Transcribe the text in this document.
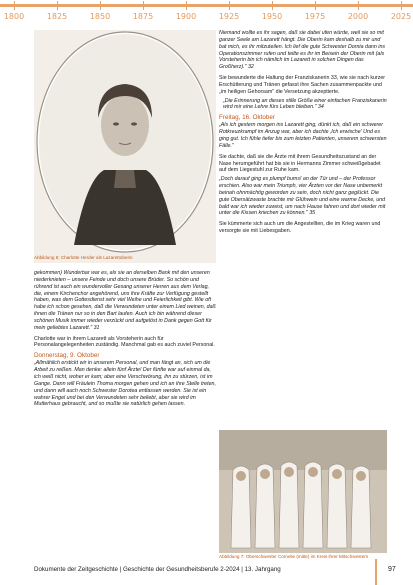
1800	1825	1850	1875	1900	1925	1950	1975	2000	2025
Abbildung 6: Charlotte Herder als Lazarettoberin

gekommen) Wunderbar war es, als sie an derselben Bank mit den unseren niederknieten – unsere Feinde und doch unsere Brüder. So schön und rührend ist auch ein wundervoller Gesang unserer Herren aus dem Verlag, die, einem Kirchenchor angehörend, uns ihre Kräfte zur Verfügung gestellt haben, was dem Gottesdienst sehr viel Weihe und Feierlichkeit gibt. Wie oft habe ich schon gesehen, daß die Verwundeten unter einem Lied weinen, daß ihnen die Tränen nur so in den Bart laufen. Auch ich bin während dieser schönen Musik immer wieder verzückt und aufgelöst in Dank gegen Gott für mein geliebtes Lazarett." 31

Charlotte war in ihrem Lazarett als Vorsteherin auch für Personalangelegenheiten zuständig. Manchmal gab es auch zuviel Personal.

Donnerstag, 9. Oktober

„Allmählich erstickt wir in unserem Personal, und man fängt an, sich um die Arbeit zu reißen. Man denke: allein fünf Ärzte! Der fünfte war auf einmal da, ich weiß nicht, woher er kam; aber eine Verschwörung, ihn zu stürzen, ist im Gange. Dann will Fräulein Thoma morgen gehen und ich an ihre Stelle treten, und dann will auch noch Schwester Dorotea entlassen werden. Sie ist ein wahrer Engel und bei den Verwundeten sehr beliebt, aber sie wird im Mutterhaus gebraucht, und so mußte sie natürlich gehen lassen.

Niemand wollte es ihr sagen, daß sie dabei ufen würde, weil sie so mit ganzer Seele am Lazarett hängt. Die Oberin kam deshalb zu mir und bat mich, es ihr mitzuteilen. Ich lief die gute Schwester Dornia dann ins Operationszimmer rufen und teilte es ihr im Beisein der Oberin mit (als Vorsteherin bin ich nämlich im Lazarett in solchen Dingen das Großherz)." 32

Sie bewunderte die Haltung der Franziskanerin 33, wie sie nach kurzer Erschütterung und Tränen gefasst ihre Sachen zusammenpackte und „im heiligen Gehorsam" die Versetzung akzeptierte.

„Die Erinnerung an dieses stille Größe einer einfachen Franziskanerin wird mir eine Lehre fürs Leben bleiben." 34

Freitag, 16. Oktober

„Als ich gestern morgen ins Lazarett ging, dünkt ich, daß ein schwerer Rotkreuzkrampf im Anzug war, aber ich dachte ‚Ich erwische' Und es ging gut. Ich fühle tiefer bis zum letzten Patienten, unserem schwersten Fälle."

Sie dachte, daß sie die Ärzte mit ihrem Gesundheitszustand an der Nase herumgeführt hat bis sie in Hermanns Zimmer schweißgebadet auf dem Liegestuhl zur Ruhe kam.

„Doch darauf ging es plumpf bums! an der Tür und – der Professor erschien. Also war mein Triumph, vier Ärzten vor der Nase unbemerkt beinah ohnmächtig geworden zu sein, doch nicht ganz geglückt. Die gute Obersätzwaste brachte mir Glühwein und eine warme Decke, und bald war ich wieder zuwest, um nach Hause fahren und dort wieder mit unter die Kissen kriechen zu können." 35

Sie kümmerte sich auch um die Angestellten, die im Krieg waren und versorgte sie mit Liebesgaben.

Abbildung 7: Oberschwester Cornelie (mitte) im Kreis ihrer Mitschwestern
Dokumente der Zeitgeschichte | Geschichte der Gesundheitsberufe 2-2024 | 13. Jahrgang	97
